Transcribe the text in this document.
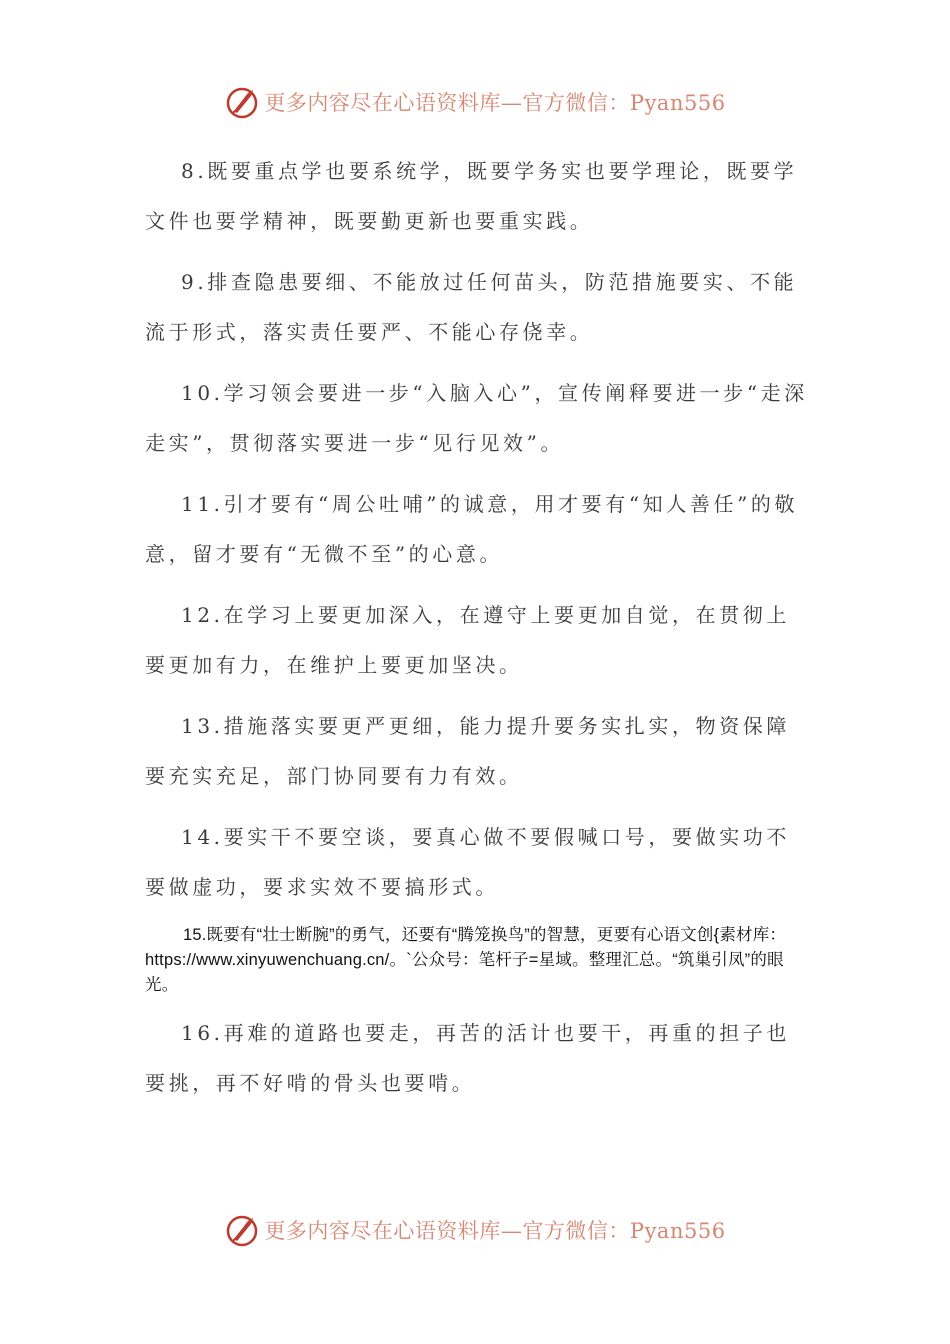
更多内容尽在心语资料库—官方微信：Pyan556

8.既要重点学也要系统学，既要学务实也要学理论，既要学文件也要学精神，既要勤更新也要重实践。

9.排查隐患要细、不能放过任何苗头，防范措施要实、不能流于形式，落实责任要严、不能心存侥幸。

10.学习领会要进一步“入脑入心”，宣传阐释要进一步“走深走实”，贯彻落实要进一步“见行见效”。

11.引才要有“周公吐哺”的诚意，用才要有“知人善任”的敬意，留才要有“无微不至”的心意。

12.在学习上要更加深入，在遵守上要更加自觉，在贯彻上要更加有力，在维护上要更加坚决。

13.措施落实要更严更细，能力提升要务实扎实，物资保障要充实充足，部门协同要有力有效。

14.要实干不要空谈，要真心做不要假喊口号，要做实功不要做虚功，要求实效不要搞形式。

15.既要有“壮士断腕”的勇气，还要有“腾笼换鸟”的智慧，更要有心语文创{素材库：https://www.xinyuwenchuang.cn/。`公众号：笔杆子=星域。整理汇总。“筑巢引凤”的眼光。

16.再难的道路也要走，再苦的活计也要干，再重的担子也要挑，再不好啃的骨头也要啃。

更多内容尽在心语资料库—官方微信：Pyan556
